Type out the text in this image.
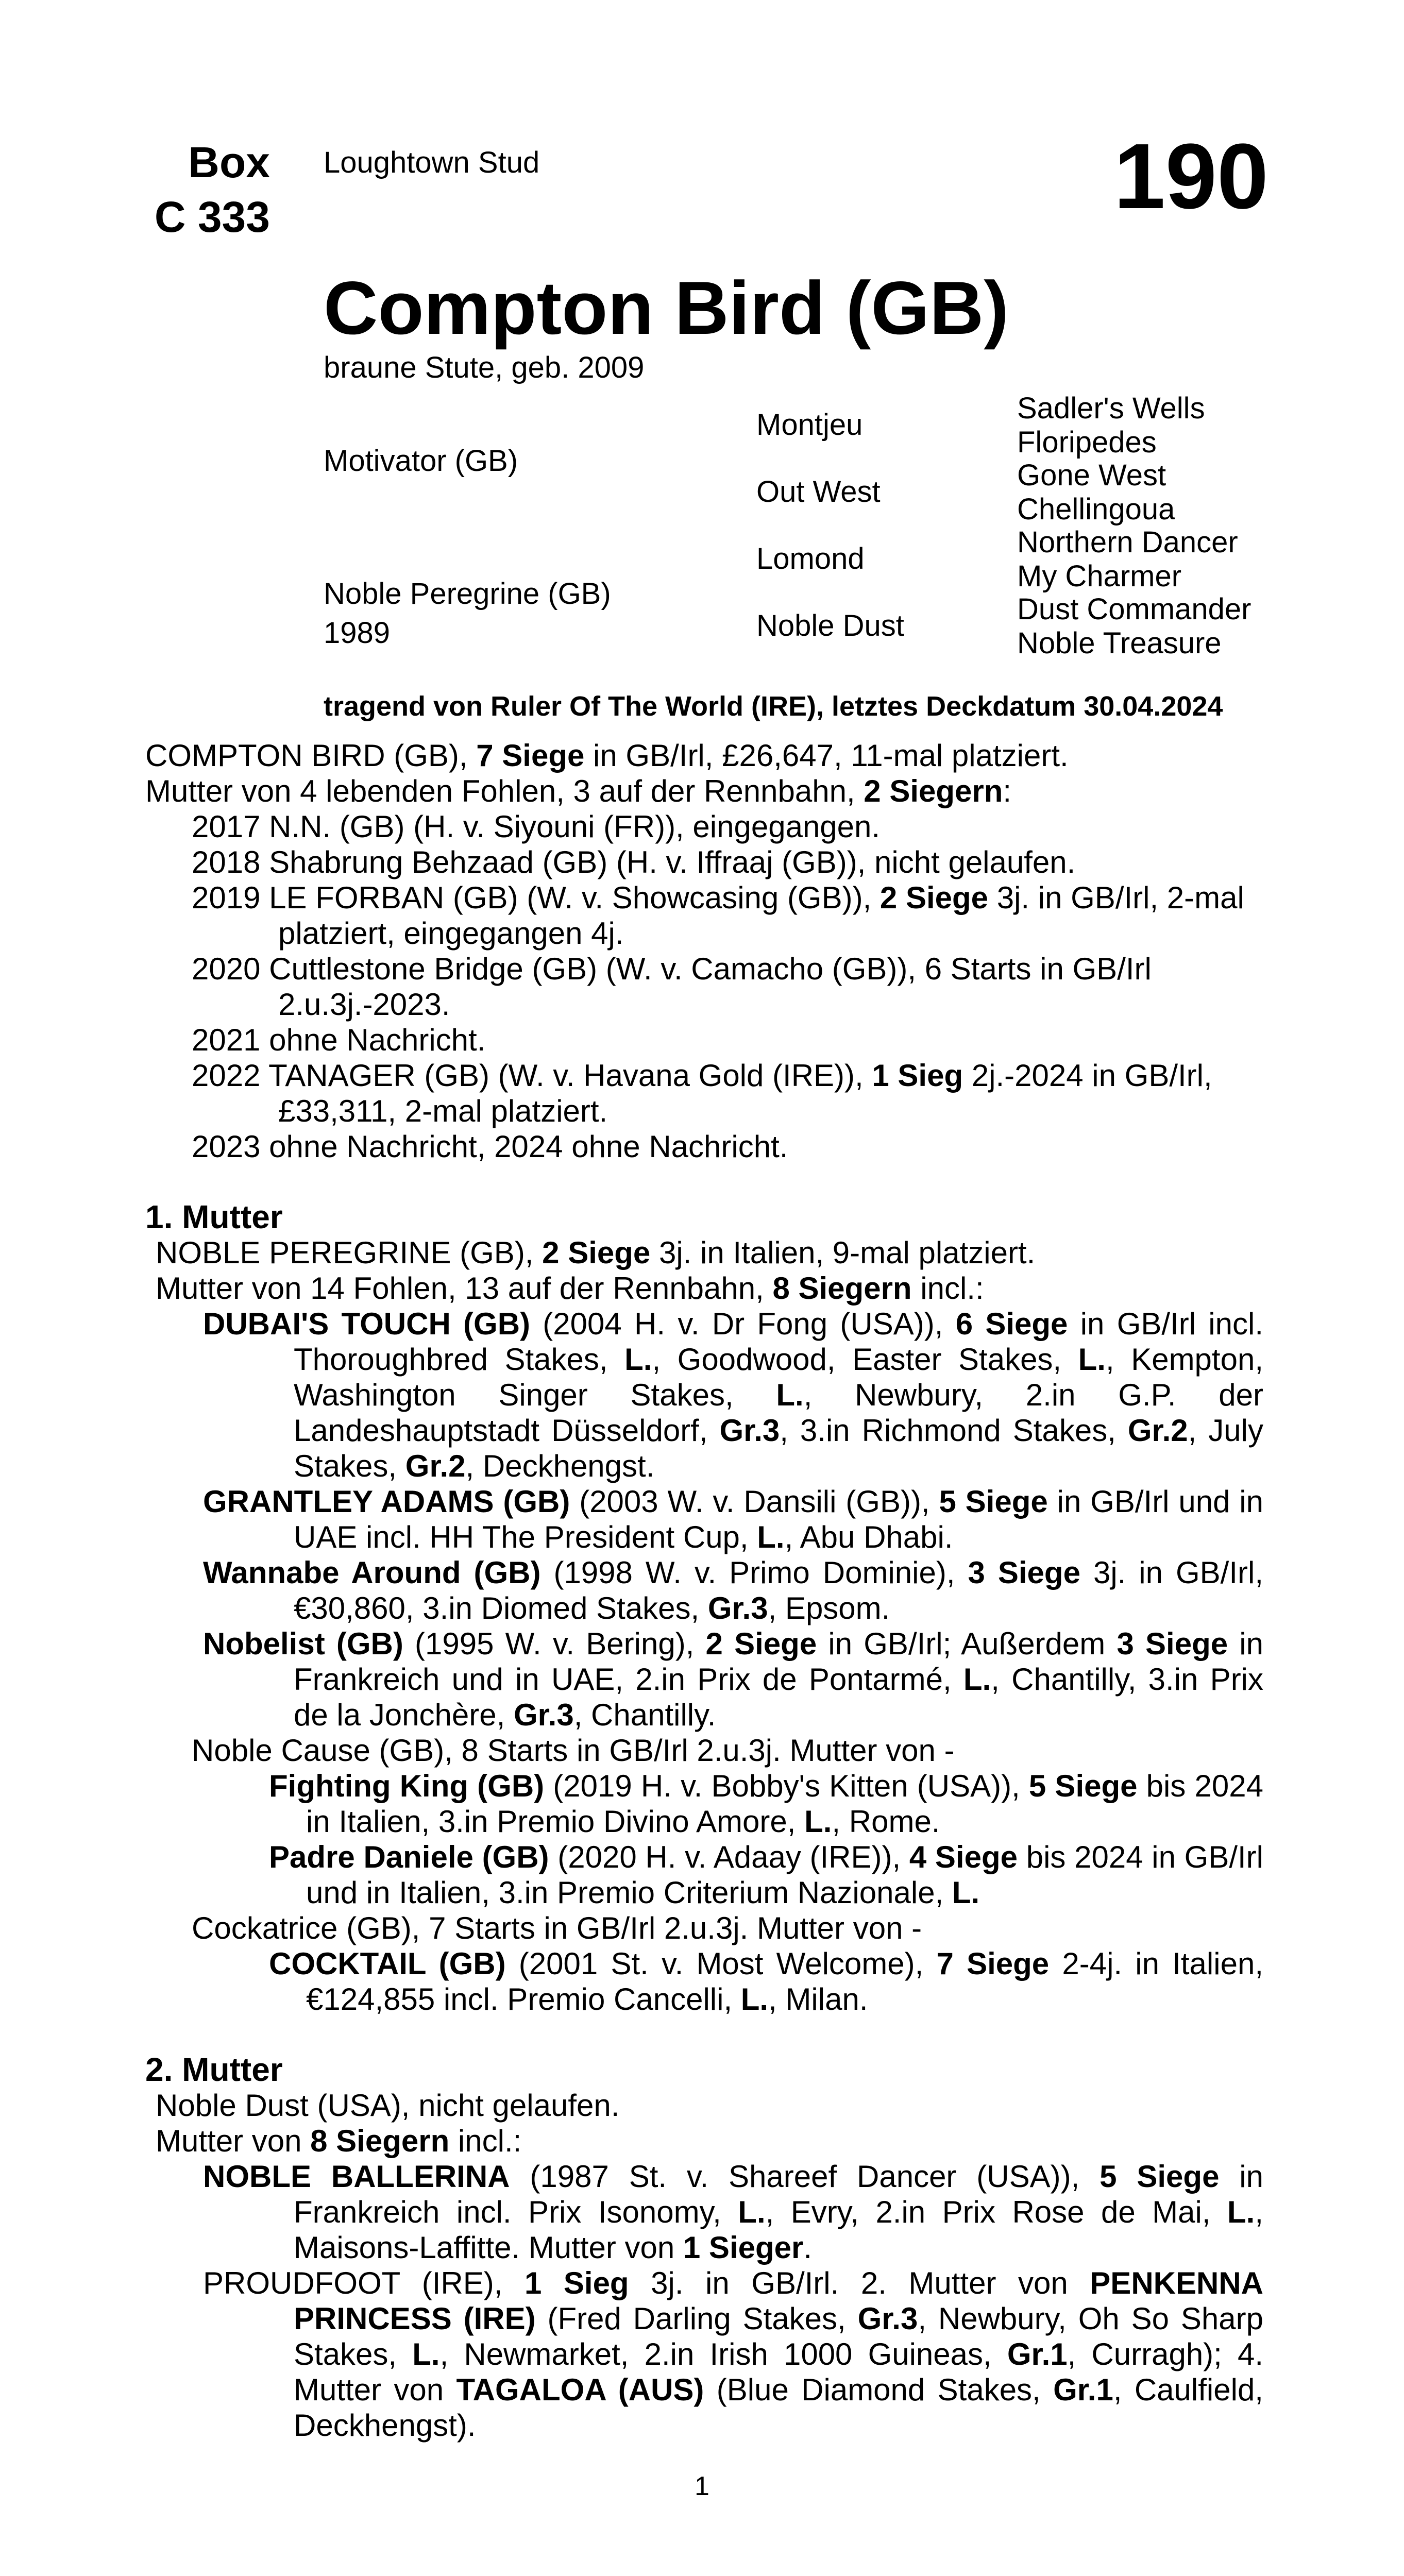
Box
C 333
Loughtown Stud	190
Compton Bird (GB)
braune Stute, geb. 2009
Motivator (GB)
Noble Peregrine (GB)
1989
Montjeu
Out West
Lomond
Noble Dust
Sadler's Wells
Floripedes
Gone West
Chellingoua
Northern Dancer
My Charmer
Dust Commander
Noble Treasure
tragend von Ruler Of The World (IRE), letztes Deckdatum 30.04.2024

COMPTON BIRD (GB), 7 Siege in GB/Irl, £26,647, 11-mal platziert.

Mutter von 4 lebenden Fohlen, 3 auf der Rennbahn, 2 Siegern:

2017 N.N. (GB) (H. v. Siyouni (FR)), eingegangen.

2018 Shabrung Behzaad (GB) (H. v. Iffraaj (GB)), nicht gelaufen.

2019 LE FORBAN (GB) (W. v. Showcasing (GB)), 2 Siege 3j. in GB/Irl, 2-mal platziert, eingegangen 4j.

2020 Cuttlestone Bridge (GB) (W. v. Camacho (GB)), 6 Starts in GB/Irl 2.u.3j.-2023.

2021 ohne Nachricht.

2022 TANAGER (GB) (W. v. Havana Gold (IRE)), 1 Sieg 2j.-2024 in GB/Irl, £33,311, 2-mal platziert.

2023 ohne Nachricht, 2024 ohne Nachricht.

1. Mutter

NOBLE PEREGRINE (GB), 2 Siege 3j. in Italien, 9-mal platziert.

Mutter von 14 Fohlen, 13 auf der Rennbahn, 8 Siegern incl.:

DUBAI'S TOUCH (GB) (2004 H. v. Dr Fong (USA)), 6 Siege in GB/Irl incl. Thoroughbred Stakes, L., Goodwood, Easter Stakes, L., Kempton, Washington Singer Stakes, L., Newbury, 2.in G.P. der Landeshauptstadt Düsseldorf, Gr.3, 3.in Richmond Stakes, Gr.2, July Stakes, Gr.2, Deckhengst.

GRANTLEY ADAMS (GB) (2003 W. v. Dansili (GB)), 5 Siege in GB/Irl und in UAE incl. HH The President Cup, L., Abu Dhabi.

Wannabe Around (GB) (1998 W. v. Primo Dominie), 3 Siege 3j. in GB/Irl, €30,860, 3.in Diomed Stakes, Gr.3, Epsom.

Nobelist (GB) (1995 W. v. Bering), 2 Siege in GB/Irl; Außerdem 3 Siege in Frankreich und in UAE, 2.in Prix de Pontarmé, L., Chantilly, 3.in Prix de la Jonchère, Gr.3, Chantilly.

Noble Cause (GB), 8 Starts in GB/Irl 2.u.3j. Mutter von -

Fighting King (GB) (2019 H. v. Bobby's Kitten (USA)), 5 Siege bis 2024 in Italien, 3.in Premio Divino Amore, L., Rome.

Padre Daniele (GB) (2020 H. v. Adaay (IRE)), 4 Siege bis 2024 in GB/Irl und in Italien, 3.in Premio Criterium Nazionale, L.

Cockatrice (GB), 7 Starts in GB/Irl 2.u.3j. Mutter von -

COCKTAIL (GB) (2001 St. v. Most Welcome), 7 Siege 2-4j. in Italien, €124,855 incl. Premio Cancelli, L., Milan.

2. Mutter

Noble Dust (USA), nicht gelaufen.

Mutter von 8 Siegern incl.:

NOBLE BALLERINA (1987 St. v. Shareef Dancer (USA)), 5 Siege in Frankreich incl. Prix Isonomy, L., Evry, 2.in Prix Rose de Mai, L., Maisons-Laffitte. Mutter von 1 Sieger.

PROUDFOOT (IRE), 1 Sieg 3j. in GB/Irl. 2. Mutter von PENKENNA PRINCESS (IRE) (Fred Darling Stakes, Gr.3, Newbury, Oh So Sharp Stakes, L., Newmarket, 2.in Irish 1000 Guineas, Gr.1, Curragh); 4. Mutter von TAGALOA (AUS) (Blue Diamond Stakes, Gr.1, Caulfield, Deckhengst).

1
